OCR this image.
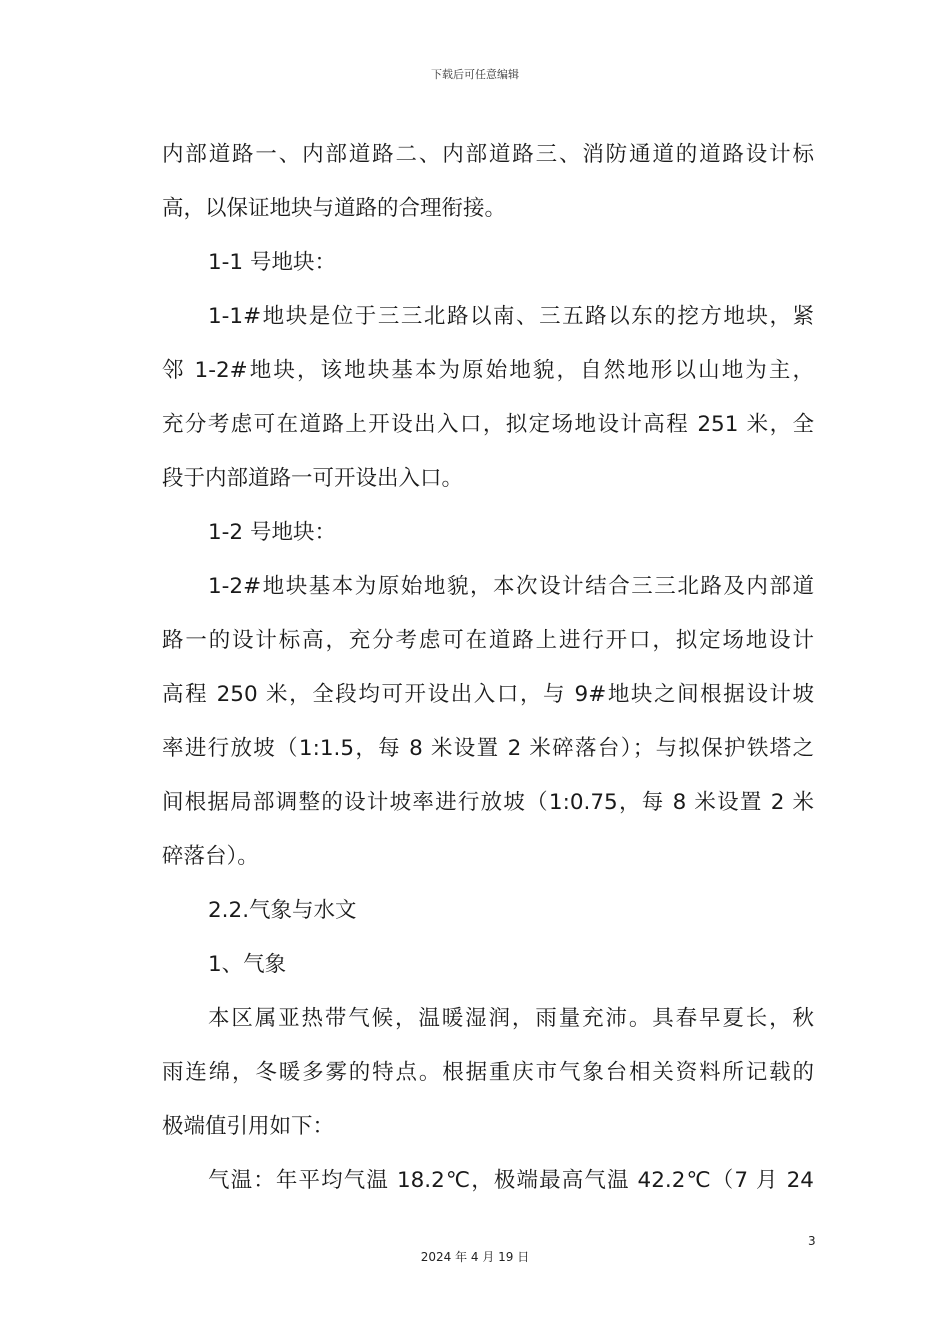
下载后可任意编辑
内部道路一、内部道路二、内部道路三、消防通道的道路设计标
高，以保证地块与道路的合理衔接。
1-1 号地块：
1-1#地块是位于三三北路以南、三五路以东的挖方地块，紧
邻 1-2#地块，该地块基本为原始地貌，自然地形以山地为主，
充分考虑可在道路上开设出入口，拟定场地设计高程 251 米，全
段于内部道路一可开设出入口。
1-2 号地块：
1-2#地块基本为原始地貌，本次设计结合三三北路及内部道
路一的设计标高，充分考虑可在道路上进行开口，拟定场地设计
高程 250 米，全段均可开设出入口，与 9#地块之间根据设计坡
率进行放坡（1:1.5，每 8 米设置 2 米碎落台）；与拟保护铁塔之
间根据局部调整的设计坡率进行放坡（1:0.75，每 8 米设置 2 米
碎落台）。
2.2.气象与水文
1、气象
本区属亚热带气候，温暖湿润，雨量充沛。具春早夏长，秋
雨连绵，冬暖多雾的特点。根据重庆市气象台相关资料所记载的
极端值引用如下：
气温：年平均气温 18.2℃，极端最高气温 42.2℃（7 月 24
3
2024 年 4 月 19 日
